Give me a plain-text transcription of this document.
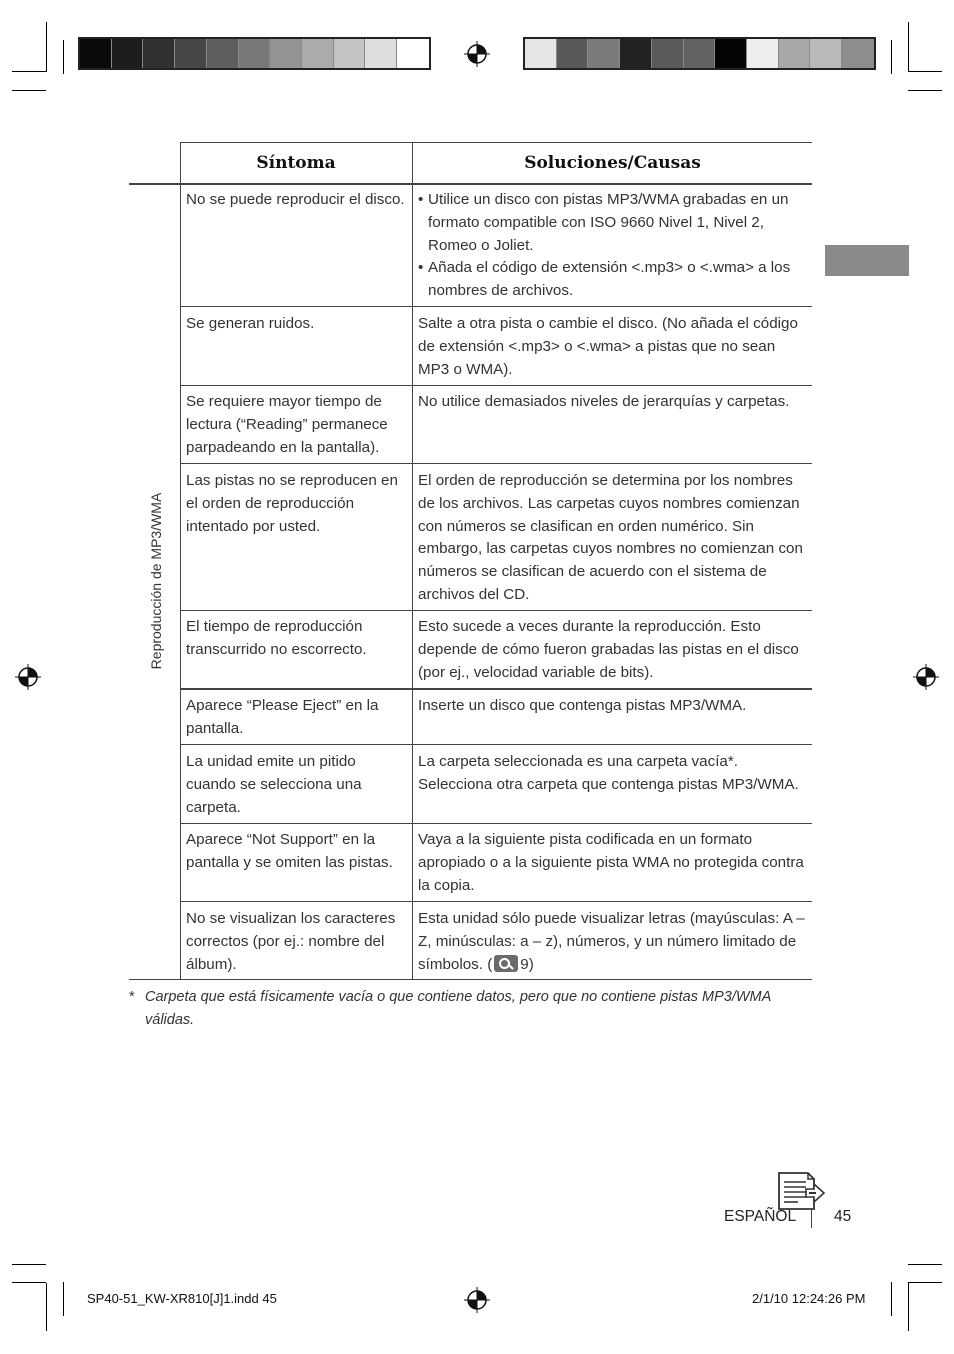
Síntoma	Soluciones/Causas
Reproducción de MP3/WMA
No se puede reproducir el disco.
•	Utilice un disco con pistas MP3/WMA grabadas en un formato compatible con ISO 9660 Nivel 1, Nivel 2, Romeo o Joliet.
• Añada el código de extensión <.mp3> o <.wma> a los nombres de archivos.
Se generan ruidos.	Salte a otra pista o cambie el disco. (No añada el código de extensión <.mp3> o <.wma> a pistas que no sean MP3 o WMA).
Se requiere mayor tiempo de lectura (“Reading” permanece parpadeando en la pantalla).
No utilice demasiados niveles de jerarquías y carpetas.
Las pistas no se reproducen en el orden de reproducción intentado por usted.
El orden de reproducción se determina por los nombres de los archivos. Las carpetas cuyos nombres comienzan con números se clasifican en orden numérico. Sin embargo, las carpetas cuyos nombres no comienzan con números se clasifican de acuerdo con el sistema de archivos del CD.
El tiempo de reproducción transcurrido no escorrecto.
Esto sucede a veces durante la reproducción. Esto depende de cómo fueron grabadas las pistas en el disco (por ej., velocidad variable de bits).
Aparece “Please Eject” en la pantalla.
Inserte un disco que contenga pistas MP3/WMA.
La unidad emite un pitido cuando se selecciona una carpeta.
La carpeta seleccionada es una carpeta vacía*. Selecciona otra carpeta que contenga pistas MP3/WMA.
Aparece “Not Support” en la pantalla y se omiten las pistas.
Vaya a la siguiente pista codificada en un formato apropiado o a la siguiente pista WMA no protegida contra la copia.
No se visualizan los caracteres correctos (por ej.: nombre del álbum).
Esta unidad sólo puede visualizar letras (mayúsculas: A – Z, minúsculas: a – z), números, y un número limitado de símbolos. ( 9)
* Carpeta que está físicamente vacía o que contiene datos, pero que no contiene pistas MP3/WMA válidas.
ESPAÑOL 45
SP40-51_KW-XR810[J]1.indd 45	2/1/10 12:24:26 PM
